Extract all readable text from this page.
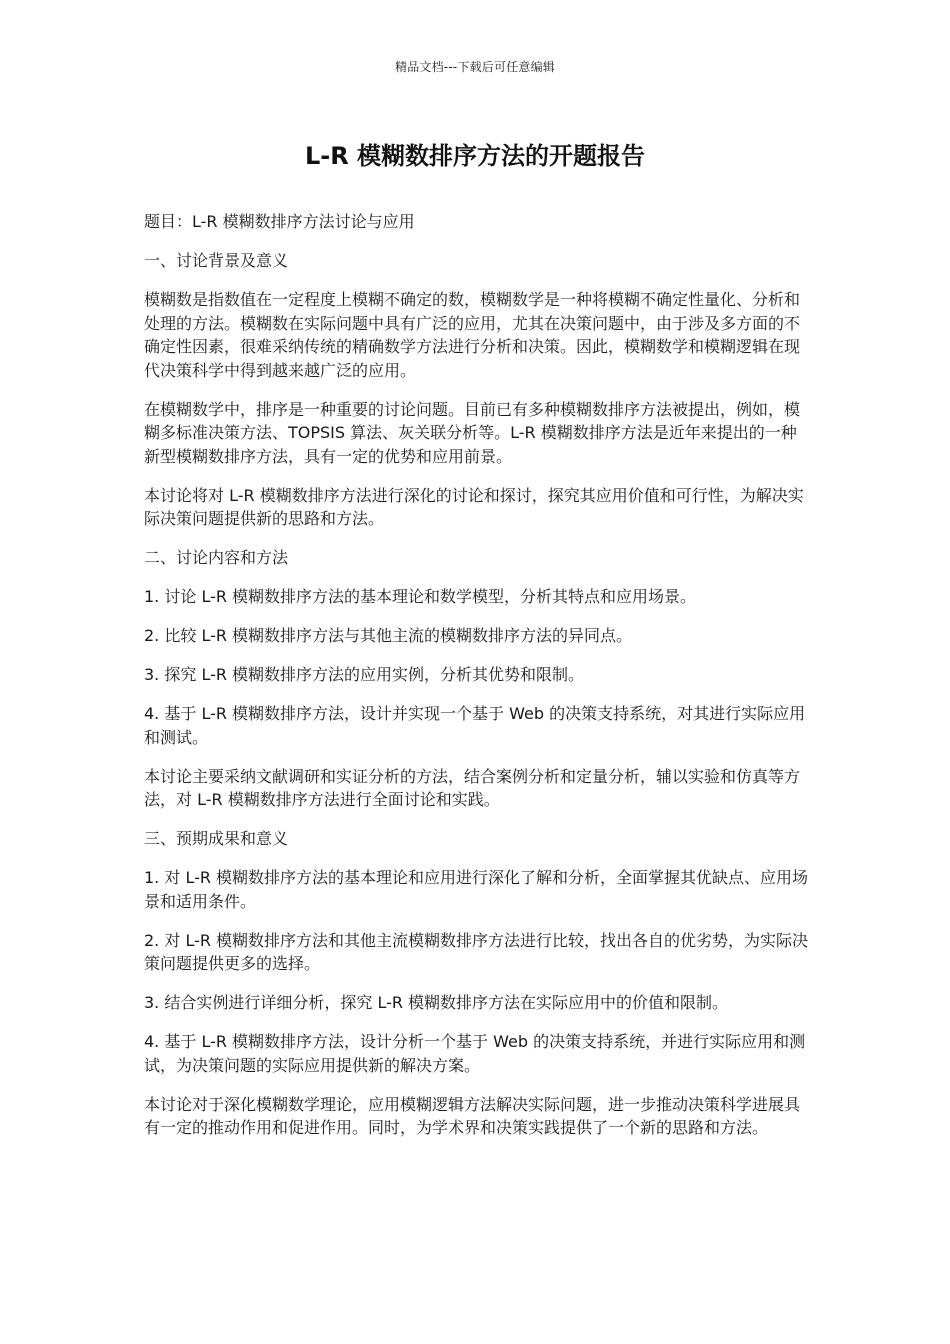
精品文档---下载后可任意编辑
L-R 模糊数排序方法的开题报告

题目：L-R 模糊数排序方法讨论与应用

一、讨论背景及意义

模糊数是指数值在一定程度上模糊不确定的数，模糊数学是一种将模糊不确定性量化、分析和处理的方法。模糊数在实际问题中具有广泛的应用，尤其在决策问题中，由于涉及多方面的不确定性因素，很难采纳传统的精确数学方法进行分析和决策。因此，模糊数学和模糊逻辑在现代决策科学中得到越来越广泛的应用。

在模糊数学中，排序是一种重要的讨论问题。目前已有多种模糊数排序方法被提出，例如，模糊多标准决策方法、TOPSIS 算法、灰关联分析等。L-R 模糊数排序方法是近年来提出的一种新型模糊数排序方法，具有一定的优势和应用前景。

本讨论将对 L-R 模糊数排序方法进行深化的讨论和探讨，探究其应用价值和可行性，为解决实际决策问题提供新的思路和方法。

二、讨论内容和方法

1. 讨论 L-R 模糊数排序方法的基本理论和数学模型，分析其特点和应用场景。

2. 比较 L-R 模糊数排序方法与其他主流的模糊数排序方法的异同点。

3. 探究 L-R 模糊数排序方法的应用实例，分析其优势和限制。

4. 基于 L-R 模糊数排序方法，设计并实现一个基于 Web 的决策支持系统，对其进行实际应用和测试。

本讨论主要采纳文献调研和实证分析的方法，结合案例分析和定量分析，辅以实验和仿真等方法，对 L-R 模糊数排序方法进行全面讨论和实践。

三、预期成果和意义

1. 对 L-R 模糊数排序方法的基本理论和应用进行深化了解和分析，全面掌握其优缺点、应用场景和适用条件。

2. 对 L-R 模糊数排序方法和其他主流模糊数排序方法进行比较，找出各自的优劣势，为实际决策问题提供更多的选择。

3. 结合实例进行详细分析，探究 L-R 模糊数排序方法在实际应用中的价值和限制。

4. 基于 L-R 模糊数排序方法，设计分析一个基于 Web 的决策支持系统，并进行实际应用和测试，为决策问题的实际应用提供新的解决方案。

本讨论对于深化模糊数学理论，应用模糊逻辑方法解决实际问题，进一步推动决策科学进展具有一定的推动作用和促进作用。同时，为学术界和决策实践提供了一个新的思路和方法。
